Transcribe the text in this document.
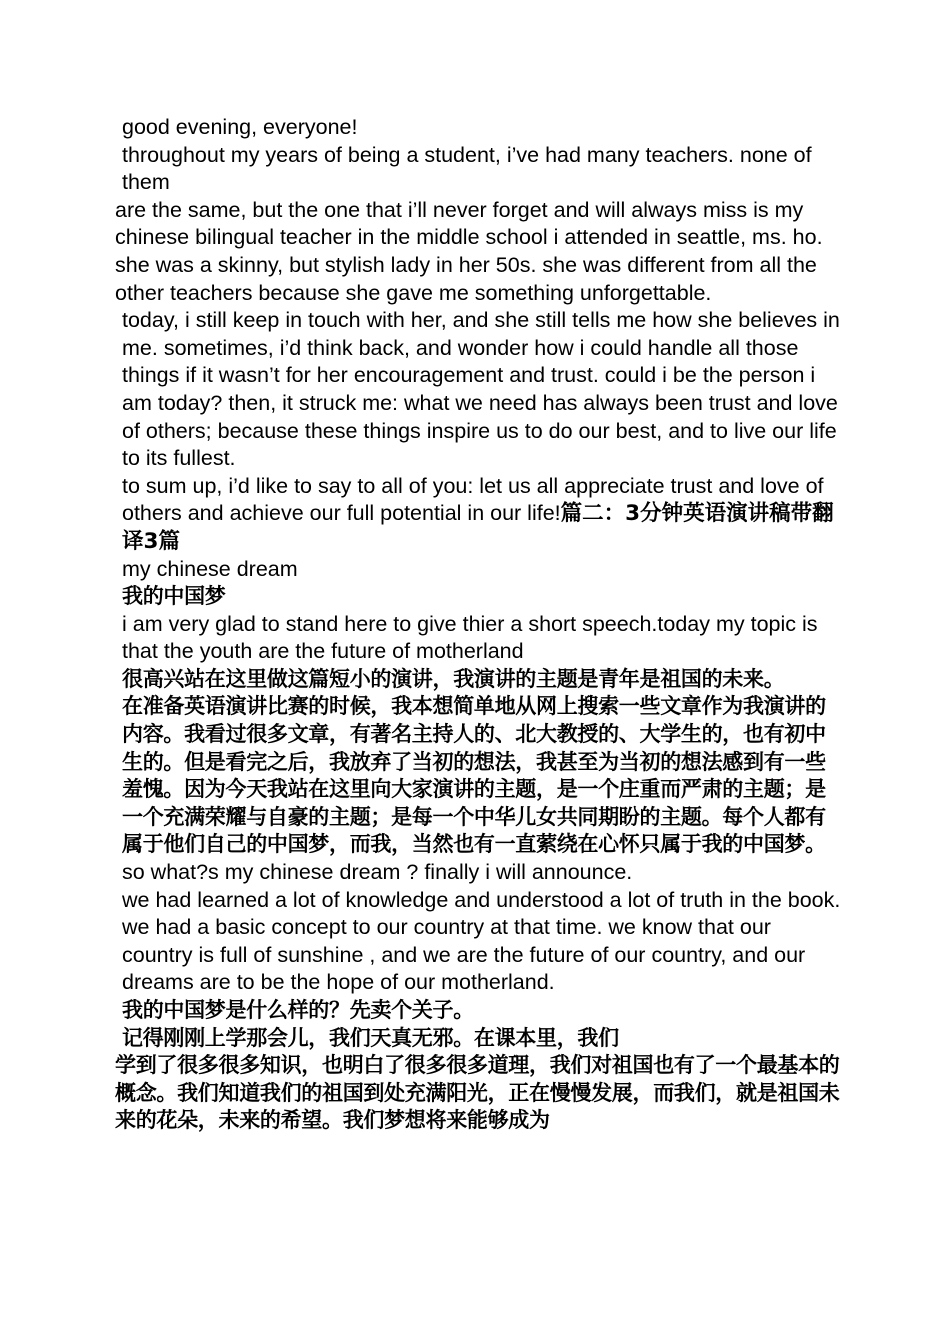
good evening, everyone!

throughout my years of being a student, i’ve had many teachers. none of them

are the same, but the one that i’ll never forget and will always miss is my chinese bilingual teacher in the middle school i attended in seattle, ms. ho. she was a skinny, but stylish lady in her 50s. she was different from all the other teachers because she gave me something unforgettable.

today, i still keep in touch with her, and she still tells me how she believes in me. sometimes, i’d think back, and wonder how i could handle all those things if it wasn’t for her encouragement and trust. could i be the person i am today? then, it struck me: what we need has always been trust and love of others; because these things inspire us to do our best, and to live our life to its fullest.

to sum up, i’d like to say to all of you: let us all appreciate trust and love of others and achieve our full potential in our life!篇二：3分钟英语演讲稿带翻译3篇

my chinese dream

我的中国梦

i am very glad to stand here to give thier a short speech.today my topic is that the youth are the future of motherland

很高兴站在这里做这篇短小的演讲，我演讲的主题是青年是祖国的未来。

在准备英语演讲比赛的时候，我本想简单地从网上搜索一些文章作为我演讲的内容。我看过很多文章，有著名主持人的、北大教授的、大学生的，也有初中生的。但是看完之后，我放弃了当初的想法，我甚至为当初的想法感到有一些羞愧。因为今天我站在这里向大家演讲的主题，是一个庄重而严肃的主题；是一个充满荣耀与自豪的主题；是每一个中华儿女共同期盼的主题。每个人都有属于他们自己的中国梦，而我，当然也有一直萦绕在心怀只属于我的中国梦。

so what?s my chinese dream ? finally i will announce.

we had learned a lot of knowledge and understood a lot of truth in the book. we had a basic concept to our country at that time. we know that our country is full of sunshine , and we are the future of our country, and our dreams are to be the hope of our motherland.

我的中国梦是什么样的？先卖个关子。

记得刚刚上学那会儿，我们天真无邪。在课本里，我们

学到了很多很多知识，也明白了很多很多道理，我们对祖国也有了一个最基本的概念。我们知道我们的祖国到处充满阳光，正在慢慢发展，而我们，就是祖国未来的花朵，未来的希望。我们梦想将来能够成为
